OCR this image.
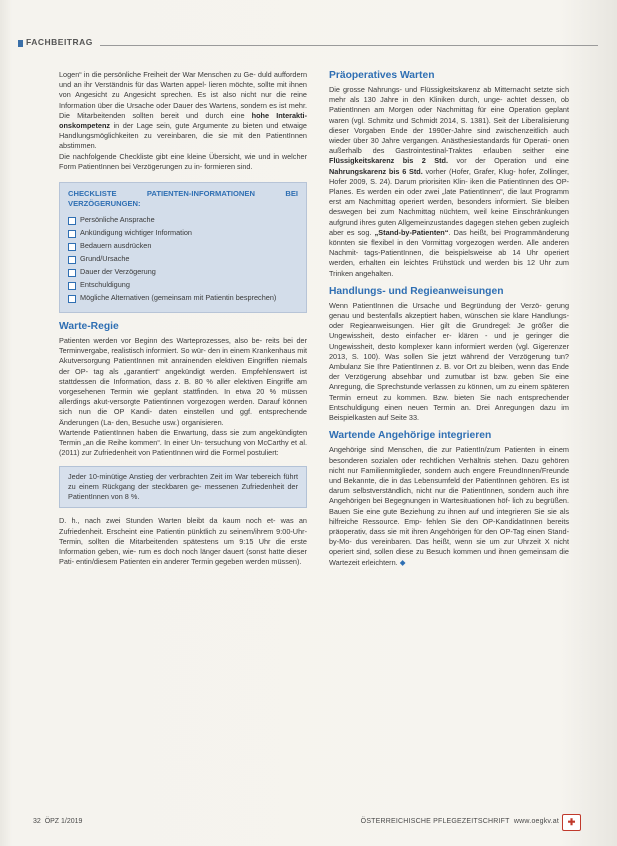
FACHBEITRAG

Logen“ in die persönliche Freiheit der War Menschen zu Ge- duld auffordern und an ihr Verständnis für das Warten appel- lieren möchte, sollte mit ihnen von Angesicht zu Angesicht sprechen. Es ist also nicht nur die reine Information über die Ursache oder Dauer des Wartens, sondern es ist mehr. Die Mitarbeitenden sollten bereit und durch eine hohe Interakti- onskompetenz in der Lage sein, gute Argumente zu bieten und etwaige Handlungsmöglichkeiten zu vereinbaren, die sie mit den PatientInnen abstimmen.

Die nachfolgende Checkliste gibt eine kleine Übersicht, wie und in welcher Form PatientInnen bei Verzögerungen zu in- formieren sind.

CHECKLISTE PATIENTEN-INFORMATIONEN BEI VERZÖGERUNGEN:
Persönliche Ansprache
Ankündigung wichtiger Information
Bedauern ausdrücken
Grund/Ursache
Dauer der Verzögerung
Entschuldigung
Mögliche Alternativen (gemeinsam mit Patientin besprechen)
Warte-Regie

Patienten werden vor Beginn des Warteprozesses, also be- reits bei der Terminvergabe, realistisch informiert. So wür- den in einem Krankenhaus mit Akutversorgung PatientInnen mit anrainenden elektiven Eingriffen niemals der OP- tag als „garantiert“ angekündigt werden. Empfehlenswert ist stattdessen die Information, dass z. B. 80 % aller elektiven Eingriffe am vorgesehenen Termin wie geplant stattfinden. In etwa 20 % müssen allerdings akut-versorgte Patientinnen vorgezogen werden. Darauf können sich nun die OP Kandi- daten einstellen und ggf. entsprechende Änderungen (La- den, Besuche usw.) organisieren.

Wartende PatientInnen haben die Erwartung, dass sie zum angekündigten Termin „an die Reihe kommen“. In einer Un- tersuchung von McCarthy et al. (2011) zur Zufriedenheit von PatientInnen wird die Formel postuliert:

Jeder 10-minütige Anstieg der verbrachten Zeit im War tebereich führt zu einem Rückgang der steckbaren ge- messenen Zufriedenheit der PatientInnen von 8 %.

D. h., nach zwei Stunden Warten bleibt da kaum noch et- was an Zufriedenheit. Erscheint eine Patientin pünktlich zu seinem/ihrem 9:00-Uhr-Termin, sollten die Mitarbeitenden spätestens um 9:15 Uhr die erste Information geben, wie- rum es doch noch länger dauert (sonst hatte dieser Pati- entin/diesem Patienten ein anderer Termin gegeben werden müssen).

Präoperatives Warten

Die grosse Nahrungs- und Flüssigkeitskarenz ab Mitternacht setzte sich mehr als 130 Jahre in den Kliniken durch, unge- achtet dessen, ob PatientInnen am Morgen oder Nachmittag für eine Operation geplant waren (vgl. Schmitz und Schmidt 2014, S. 1381). Seit der Liberalisierung dieser Vorgaben Ende der 1990er-Jahre sind zwischenzeitlich auch wieder über 30 Jahre vergangen. Anästhesiestandards für Operati- onen außerhalb des Gastrointestinal-Traktes erlauben seither eine Flüssigkeitskarenz bis 2 Std. vor der Operation und eine Nahrungskarenz bis 6 Std. vorher (Hofer, Grafer, Klug- hofer, Zollinger, Hofer 2009, S. 24). Darum priorisiten Klin- iken die PatientInnen des OP-Planes. Es werden ein oder zwei „late PatientInnen“, die laut Programm erst am Nachmittag operiert werden, besonders informiert. Sie bleiben deswegen bei zum Nachmittag nüchtern, weil keine Einschränkungen aufgrund ihres guten Allgemeinzustandes dagegen stehen geben zugleich aber es sog. „Stand-by-Patienten“. Das heißt, bei Programmänderung könnten sie flexibel in den Vormittag vorgezogen werden. Alle anderen Nachmit- tags-PatientInnen, die beispielsweise ab 14 Uhr operiert werden, erhalten ein leichtes Frühstück und werden bis 12 Uhr zum Trinken angehalten.

Handlungs- und Regieanweisungen

Wenn PatientInnen die Ursache und Begründung der Verzö- gerung genau und bestenfalls akzeptiert haben, wünschen sie klare Handlungs- oder Regieanweisungen. Hier gilt die Grundregel: Je größer die Ungewissheit, desto einfacher er- klären - und je geringer die Ungewissheit, desto komplexer kann informiert werden (vgl. Gigerenzer 2013, S. 100). Was sollen Sie jetzt während der Verzögerung tun? Ambulanz Sie Ihre PatientInnen z. B. vor Ort zu bleiben, wenn das Ende der Verzögerung absehbar und zumutbar ist bzw. geben Sie eine Anregung, die Sprechstunde verlassen zu können, um zu einem späteren Termin erneut zu kommen. Bzw. bieten Sie nach entsprechender Entschuldigung einen neuen Termin an. Drei Anregungen dazu im Beispielkasten auf Seite 33.

Wartende Angehörige integrieren

Angehörige sind Menschen, die zur PatientIn/zum Patienten in einem besonderen sozialen oder rechtlichen Verhältnis stehen. Dazu gehören nicht nur Familienmitglieder, sondern auch engere FreundInnen/Freunde und Bekannte, die in das Lebensumfeld der PatientInnen gehören. Es ist darum selbstverständlich, nicht nur die PatientInnen, sondern auch ihre Angehörigen bei Begegnungen in Wartesituationen höf- lich zu begrüßen. Bauen Sie eine gute Beziehung zu ihnen auf und integrieren Sie sie als hilfreiche Ressource. Emp- fehlen Sie den OP-KandidatInnen bereits präoperativ, dass sie mit ihren Angehörigen für den OP-Tag einen Stand-by-Mo- dus vereinbaren. Das heißt, wenn sie um zur Uhrzeit X nicht operiert sind, sollen diese zu Besuch kommen und ihnen gemeinsam die Wartezeit erleichtern. ◆

32 ÖPZ 1/2019	ÖSTERREICHISCHE PFLEGEZEITSCHRIFT www.oegkv.at ✚
